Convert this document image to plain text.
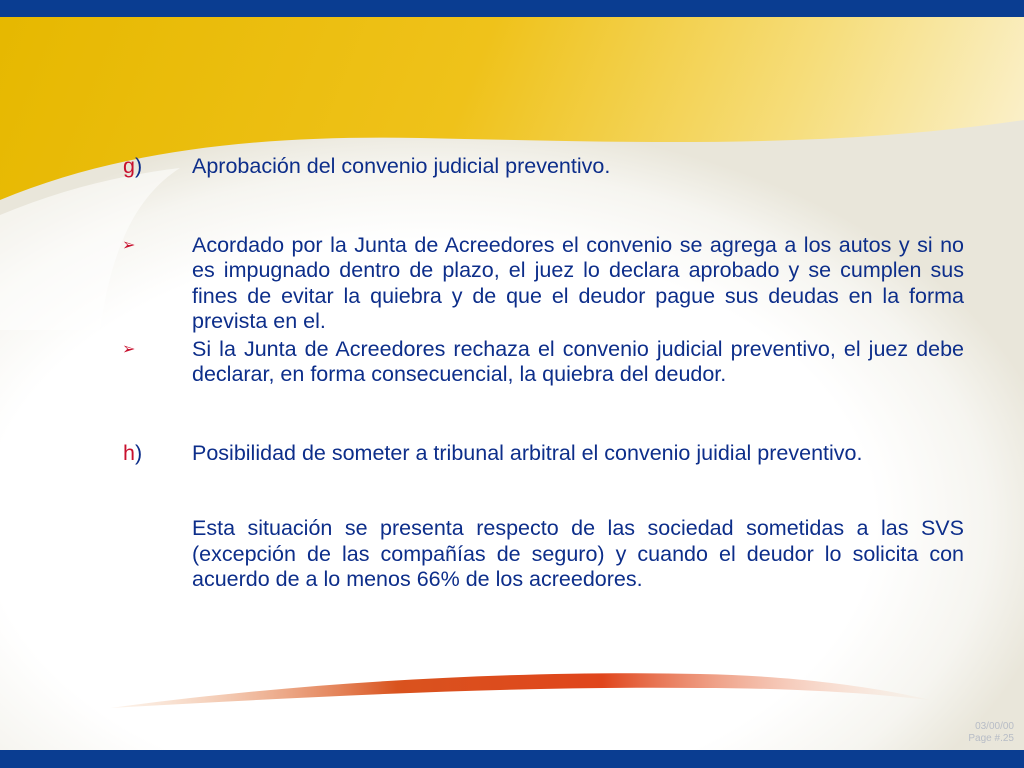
g)	Aprobación del convenio judicial preventivo.
➢	Acordado por la Junta de Acreedores el convenio se agrega a los autos y si no es impugnado dentro de plazo, el juez lo declara aprobado y se cumplen sus fines de evitar la quiebra y de que el deudor pague sus deudas en la forma prevista en el.
➢	Si la Junta de Acreedores rechaza el convenio judicial preventivo, el juez debe declarar, en forma consecuencial, la quiebra del deudor.
h)	Posibilidad de someter a tribunal arbitral el convenio juidial preventivo.
Esta situación se presenta respecto de las sociedad sometidas a las SVS (excepción de las compañías de seguro) y cuando el deudor lo solicita con acuerdo de a lo menos 66% de los acreedores.
03/00/00
Page #.25
